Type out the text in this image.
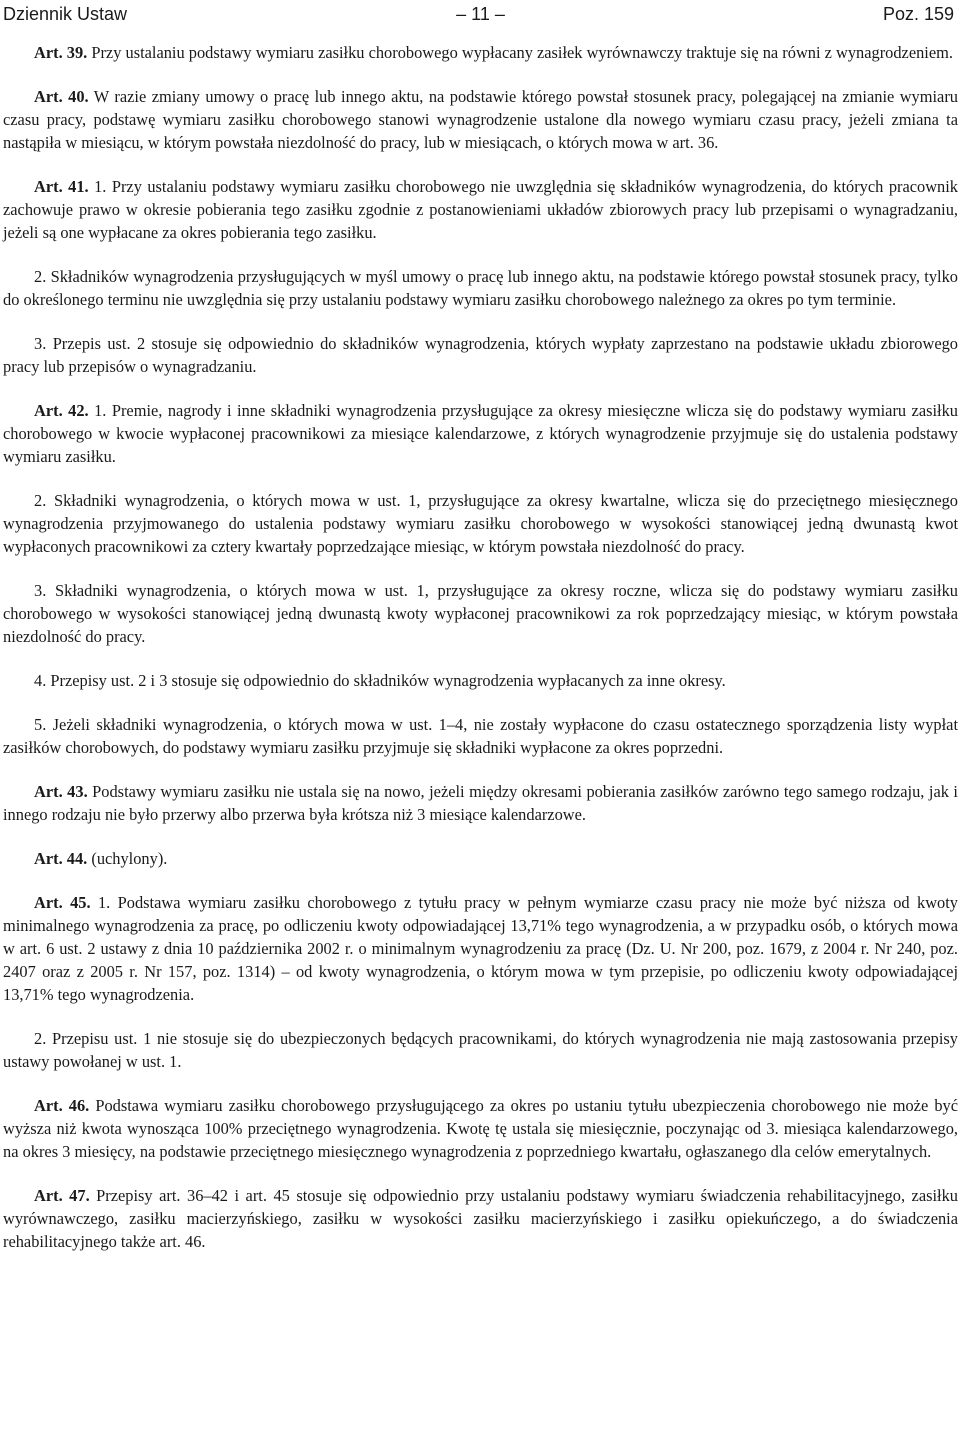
Dziennik Ustaw	– 11 –	Poz. 159

Art. 39. Przy ustalaniu podstawy wymiaru zasiłku chorobowego wypłacany zasiłek wyrównawczy traktuje się na równi z wynagrodzeniem.

Art. 40. W razie zmiany umowy o pracę lub innego aktu, na podstawie którego powstał stosunek pracy, polegającej na zmianie wymiaru czasu pracy, podstawę wymiaru zasiłku chorobowego stanowi wynagrodzenie ustalone dla nowego wymiaru czasu pracy, jeżeli zmiana ta nastąpiła w miesiącu, w którym powstała niezdolność do pracy, lub w miesiącach, o których mowa w art. 36.

Art. 41. 1. Przy ustalaniu podstawy wymiaru zasiłku chorobowego nie uwzględnia się składników wynagrodzenia, do których pracownik zachowuje prawo w okresie pobierania tego zasiłku zgodnie z postanowieniami układów zbiorowych pracy lub przepisami o wynagradzaniu, jeżeli są one wypłacane za okres pobierania tego zasiłku.

2. Składników wynagrodzenia przysługujących w myśl umowy o pracę lub innego aktu, na podstawie którego powstał stosunek pracy, tylko do określonego terminu nie uwzględnia się przy ustalaniu podstawy wymiaru zasiłku chorobowego należnego za okres po tym terminie.

3. Przepis ust. 2 stosuje się odpowiednio do składników wynagrodzenia, których wypłaty zaprzestano na podstawie układu zbiorowego pracy lub przepisów o wynagradzaniu.

Art. 42. 1. Premie, nagrody i inne składniki wynagrodzenia przysługujące za okresy miesięczne wlicza się do podstawy wymiaru zasiłku chorobowego w kwocie wypłaconej pracownikowi za miesiące kalendarzowe, z których wynagrodzenie przyjmuje się do ustalenia podstawy wymiaru zasiłku.

2. Składniki wynagrodzenia, o których mowa w ust. 1, przysługujące za okresy kwartalne, wlicza się do przeciętnego miesięcznego wynagrodzenia przyjmowanego do ustalenia podstawy wymiaru zasiłku chorobowego w wysokości stanowiącej jedną dwunastą kwot wypłaconych pracownikowi za cztery kwartały poprzedzające miesiąc, w którym powstała niezdolność do pracy.

3. Składniki wynagrodzenia, o których mowa w ust. 1, przysługujące za okresy roczne, wlicza się do podstawy wymiaru zasiłku chorobowego w wysokości stanowiącej jedną dwunastą kwoty wypłaconej pracownikowi za rok poprzedzający miesiąc, w którym powstała niezdolność do pracy.

4. Przepisy ust. 2 i 3 stosuje się odpowiednio do składników wynagrodzenia wypłacanych za inne okresy.

5. Jeżeli składniki wynagrodzenia, o których mowa w ust. 1–4, nie zostały wypłacone do czasu ostatecznego sporządzenia listy wypłat zasiłków chorobowych, do podstawy wymiaru zasiłku przyjmuje się składniki wypłacone za okres poprzedni.

Art. 43. Podstawy wymiaru zasiłku nie ustala się na nowo, jeżeli między okresami pobierania zasiłków zarówno tego samego rodzaju, jak i innego rodzaju nie było przerwy albo przerwa była krótsza niż 3 miesiące kalendarzowe.

Art. 44. (uchylony).

Art. 45. 1. Podstawa wymiaru zasiłku chorobowego z tytułu pracy w pełnym wymiarze czasu pracy nie może być niższa od kwoty minimalnego wynagrodzenia za pracę, po odliczeniu kwoty odpowiadającej 13,71% tego wynagrodzenia, a w przypadku osób, o których mowa w art. 6 ust. 2 ustawy z dnia 10 października 2002 r. o minimalnym wynagrodzeniu za pracę (Dz. U. Nr 200, poz. 1679, z 2004 r. Nr 240, poz. 2407 oraz z 2005 r. Nr 157, poz. 1314) – od kwoty wynagrodzenia, o którym mowa w tym przepisie, po odliczeniu kwoty odpowiadającej 13,71% tego wynagrodzenia.

2. Przepisu ust. 1 nie stosuje się do ubezpieczonych będących pracownikami, do których wynagrodzenia nie mają zastosowania przepisy ustawy powołanej w ust. 1.

Art. 46. Podstawa wymiaru zasiłku chorobowego przysługującego za okres po ustaniu tytułu ubezpieczenia chorobowego nie może być wyższa niż kwota wynosząca 100% przeciętnego wynagrodzenia. Kwotę tę ustala się miesięcznie, poczynając od 3. miesiąca kalendarzowego, na okres 3 miesięcy, na podstawie przeciętnego miesięcznego wynagrodzenia z poprzedniego kwartału, ogłaszanego dla celów emerytalnych.

Art. 47. Przepisy art. 36–42 i art. 45 stosuje się odpowiednio przy ustalaniu podstawy wymiaru świadczenia rehabilitacyjnego, zasiłku wyrównawczego, zasiłku macierzyńskiego, zasiłku w wysokości zasiłku macierzyńskiego i zasiłku opiekuńczego, a do świadczenia rehabilitacyjnego także art. 46.
